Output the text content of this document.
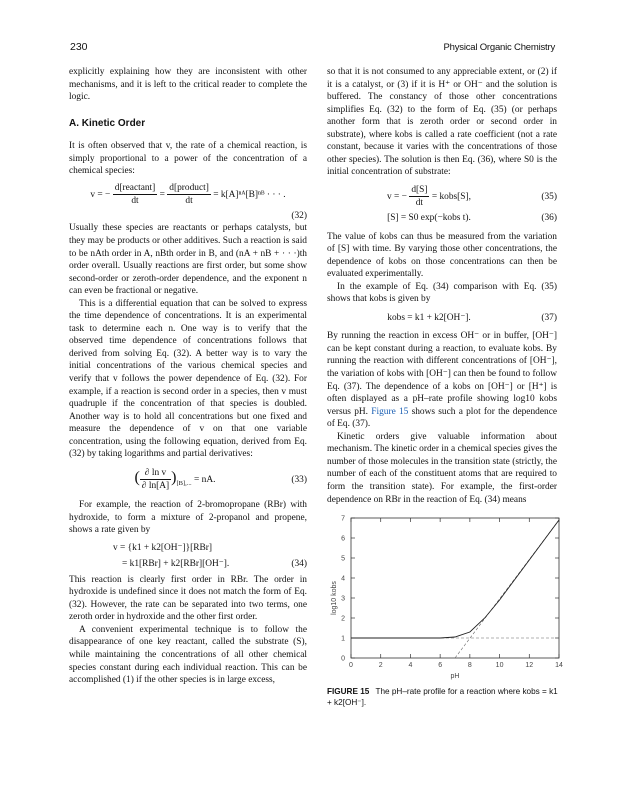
230	Physical Organic Chemistry

explicitly explaining how they are inconsistent with other mechanisms, and it is left to the critical reader to complete the logic.

A. Kinetic Order

It is often observed that v, the rate of a chemical reaction, is simply proportional to a power of the concentration of a chemical species:

v = − $\frac{\text{d[reactant]}}{dt} = \frac{\text{d[product]}}{dt}$ = k[A]ⁿᴬ[B]ⁿᴮ · · · .
(32)

Usually these species are reactants or perhaps catalysts, but they may be products or other additives. Such a reaction is said to be nAth order in A, nBth order in B, and (nA + nB + · · ·)th order overall. Usually reactions are first order, but some show second-order or zeroth-order dependence, and the exponent n can even be fractional or negative.

This is a differential equation that can be solved to express the time dependence of concentrations. It is an experimental task to determine each n. One way is to verify that the observed time dependence of concentrations follows that derived from solving Eq. (32). A better way is to vary the initial concentrations of the various chemical species and verify that v follows the power dependence of Eq. (32). For example, if a reaction is second order in a species, then v must quadruple if the concentration of that species is doubled. Another way is to hold all concentrations but one fixed and measure the dependence of v on that one variable concentration, using the following equation, derived from Eq. (32) by taking logarithms and partial derivatives:

( $\frac{\text{∂ ln v}}{\partial \ln[A]} )_{[B],...}$ = nA.	(33)

For example, the reaction of 2-bromopropane (RBr) with hydroxide, to form a mixture of 2-propanol and propene, shows a rate given by

v = {k1 + k2[OH⁻]}[RBr]
= k1[RBr] + k2[RBr][OH⁻].	(34)

This reaction is clearly first order in RBr. The order in hydroxide is undefined since it does not match the form of Eq. (32). However, the rate can be separated into two terms, one zeroth order in hydroxide and the other first order.

A convenient experimental technique is to follow the disappearance of one key reactant, called the substrate (S), while maintaining the concentrations of all other chemical species constant during each individual reaction. This can be accomplished (1) if the other species is in large excess,

so that it is not consumed to any appreciable extent, or (2) if it is a catalyst, or (3) if it is H⁺ or OH⁻ and the solution is buffered. The constancy of those other concentrations simplifies Eq. (32) to the form of Eq. (35) (or perhaps another form that is zeroth order or second order in substrate), where kobs is called a rate coefficient (not a rate constant, because it varies with the concentrations of those other species). The solution is then Eq. (36), where S0 is the initial concentration of substrate:

v = − $\frac{d[S]}{dt}$ = kobs[S],	(35)
[S] = S0 exp(−kobs t).	(36)

The value of kobs can thus be measured from the variation of [S] with time. By varying those other concentrations, the dependence of kobs on those concentrations can then be evaluated experimentally.

In the example of Eq. (34) comparison with Eq. (35) shows that kobs is given by

kobs = k1 + k2[OH⁻].	(37)

By running the reaction in excess OH⁻ or in buffer, [OH⁻] can be kept constant during a reaction, to evaluate kobs. By running the reaction with different concentrations of [OH⁻], the variation of kobs with [OH⁻] can then be found to follow Eq. (37). The dependence of a kobs on [OH⁻] or [H⁺] is often displayed as a pH–rate profile showing log10 kobs versus pH. Figure 15 shows such a plot for the dependence of Eq. (37).

Kinetic orders give valuable information about mechanism. The kinetic order in a chemical species gives the number of those molecules in the transition state (strictly, the number of each of the constituent atoms that are required to form the transition state). For example, the first-order dependence on RBr in the reaction of Eq. (34) means

0	2	4	6	8	10	12	14
0
1
2
3
4
5
6
7
log10 kobs
pH
FIGURE 15 The pH–rate profile for a reaction where kobs = k1 + k2[OH⁻].
